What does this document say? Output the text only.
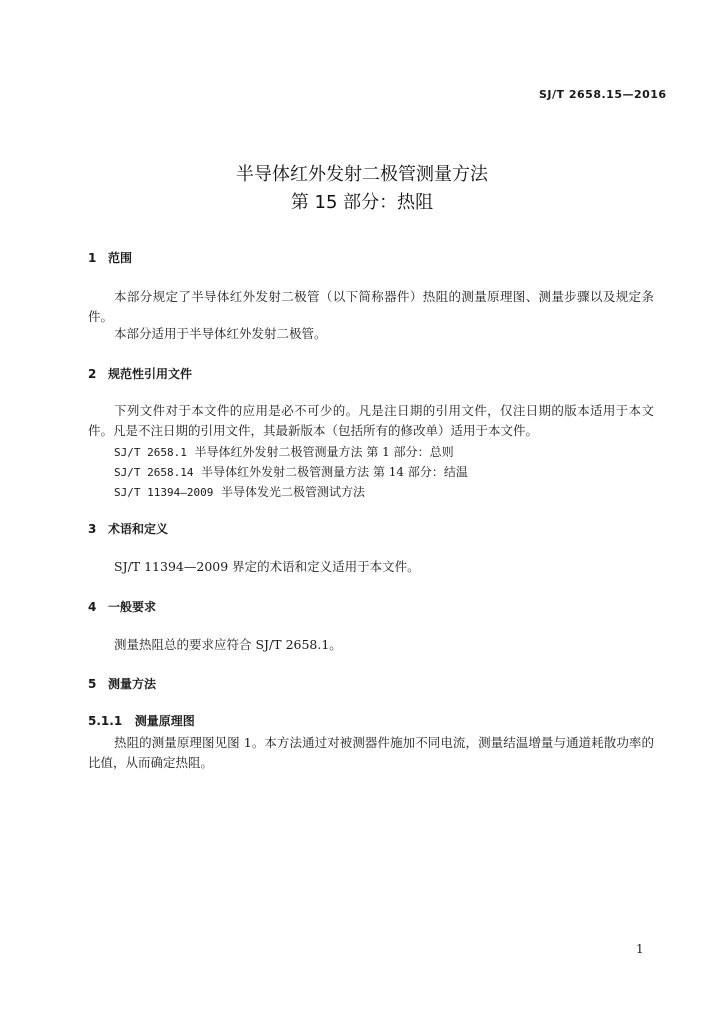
SJ/T 2658.15—2016
半导体红外发射二极管测量方法
第 15 部分：热阻
1 范围
本部分规定了半导体红外发射二极管（以下简称器件）热阻的测量原理图、测量步骤以及规定条件。
本部分适用于半导体红外发射二极管。
2 规范性引用文件
下列文件对于本文件的应用是必不可少的。凡是注日期的引用文件，仅注日期的版本适用于本文件。凡是不注日期的引用文件，其最新版本（包括所有的修改单）适用于本文件。
SJ/T 2658.1 半导体红外发射二极管测量方法 第 1 部分：总则
SJ/T 2658.14 半导体红外发射二极管测量方法 第 14 部分：结温
SJ/T 11394—2009 半导体发光二极管测试方法
3 术语和定义
SJ/T 11394—2009 界定的术语和定义适用于本文件。
4 一般要求
测量热阻总的要求应符合 SJ/T 2658.1。
5 测量方法
5.1.1 测量原理图
热阻的测量原理图见图 1。本方法通过对被测器件施加不同电流，测量结温增量与通道耗散功率的比值，从而确定热阻。
1
